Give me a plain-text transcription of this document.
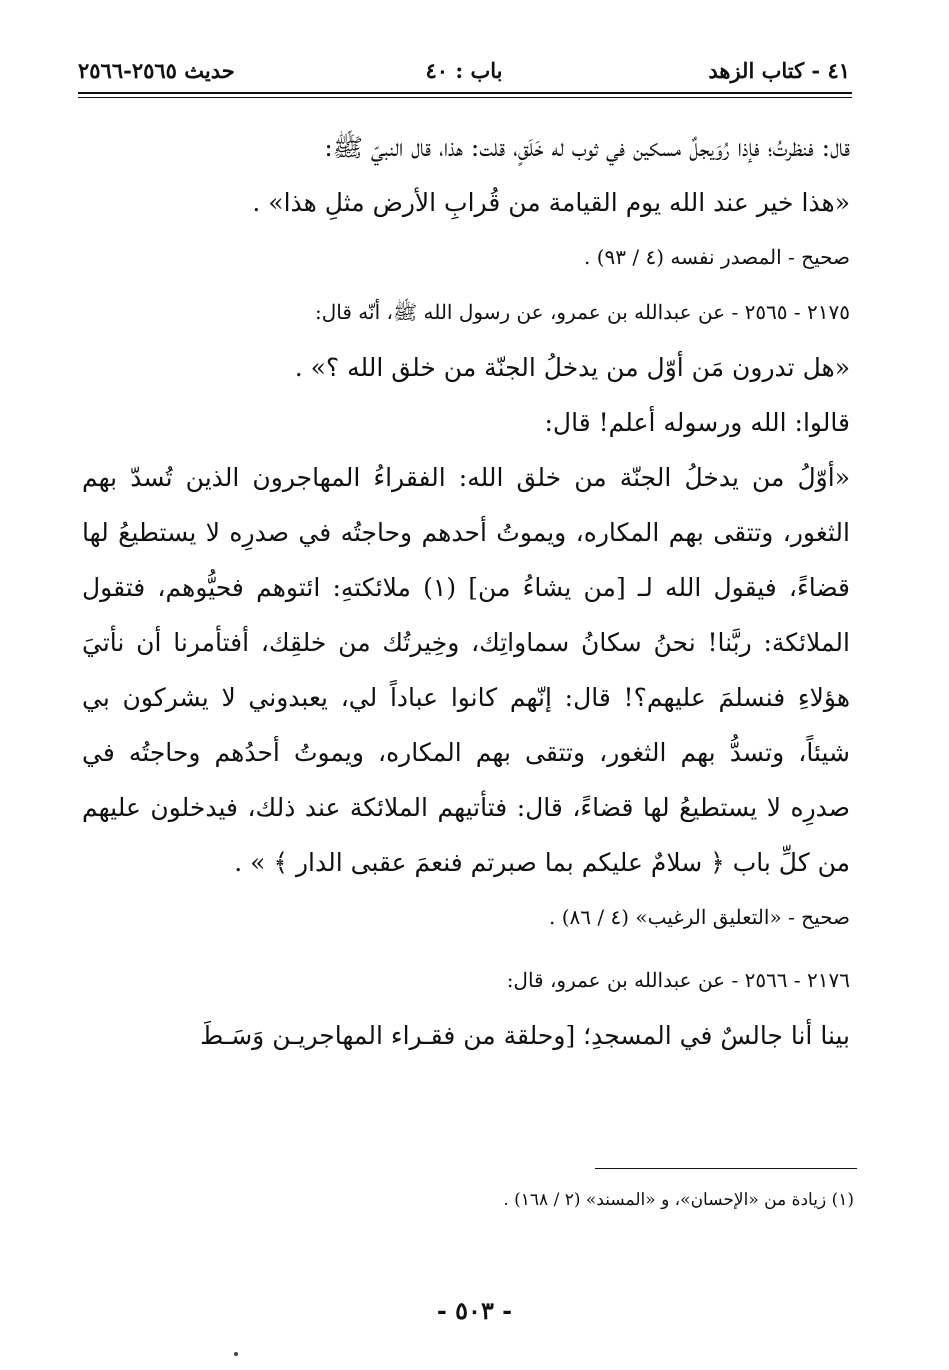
٤١ - كتاب الزهد
باب : ٤٠
حديث ٢٥٦٥-٢٥٦٦

قال: فنظرتُ؛ فإذا رُوَيجلٌ مسكين في ثوب له خَلَقٍ، قلت: هذا، قال النبيّ ﷺ:

«هذا خير عند الله يوم القيامة من قُرابِ الأرض مثلِ هذا» .

صحيح - المصدر نفسه (٤ / ٩٣) .

٢١٧٥ - ٢٥٦٥ - عن عبدالله بن عمرو، عن رسول الله ﷺ، أنّه قال:

«هل تدرون مَن أوّل من يدخلُ الجنّة من خلق الله ؟» .

قالوا: الله ورسوله أعلم! قال:

«أوّلُ من يدخلُ الجنّة من خلق الله: الفقراءُ المهاجرون الذين تُسدّ بهم الثغور، وتتقى بهم المكاره، ويموتُ أحدهم وحاجتُه في صدرِه لا يستطيعُ لها قضاءً، فيقول الله لـ [من يشاءُ من] (١) ملائكتهِ: ائتوهم فحيُّوهم، فتقول الملائكة: ربَّنا! نحنُ سكانُ سماواتِك، وخِيرتُك من خلقِك، أفتأمرنا أن نأتيَ هؤلاءِ فنسلمَ عليهم؟! قال: إنّهم كانوا عباداً لي، يعبدوني لا يشركون بي شيئاً، وتسدُّ بهم الثغور، وتتقى بهم المكاره، ويموتُ أحدُهم وحاجتُه في صدرِه لا يستطيعُ لها قضاءً، قال: فتأتيهم الملائكة عند ذلك، فيدخلون عليهم من كلِّ باب ﴿ سلامٌ عليكم بما صبرتم فنعمَ عقبى الدار ﴾ » .

صحيح - «التعليق الرغيب» (٤ / ٨٦) .

٢١٧٦ - ٢٥٦٦ - عن عبدالله بن عمرو، قال:

بينا أنا جالسٌ في المسجدِ؛ [وحلقة من فقـراء المهاجريـن وَسَـطَ

(١) زيادة من «الإحسان»، و «المسند» (٢ / ١٦٨) .
- ٥٠٣ -
